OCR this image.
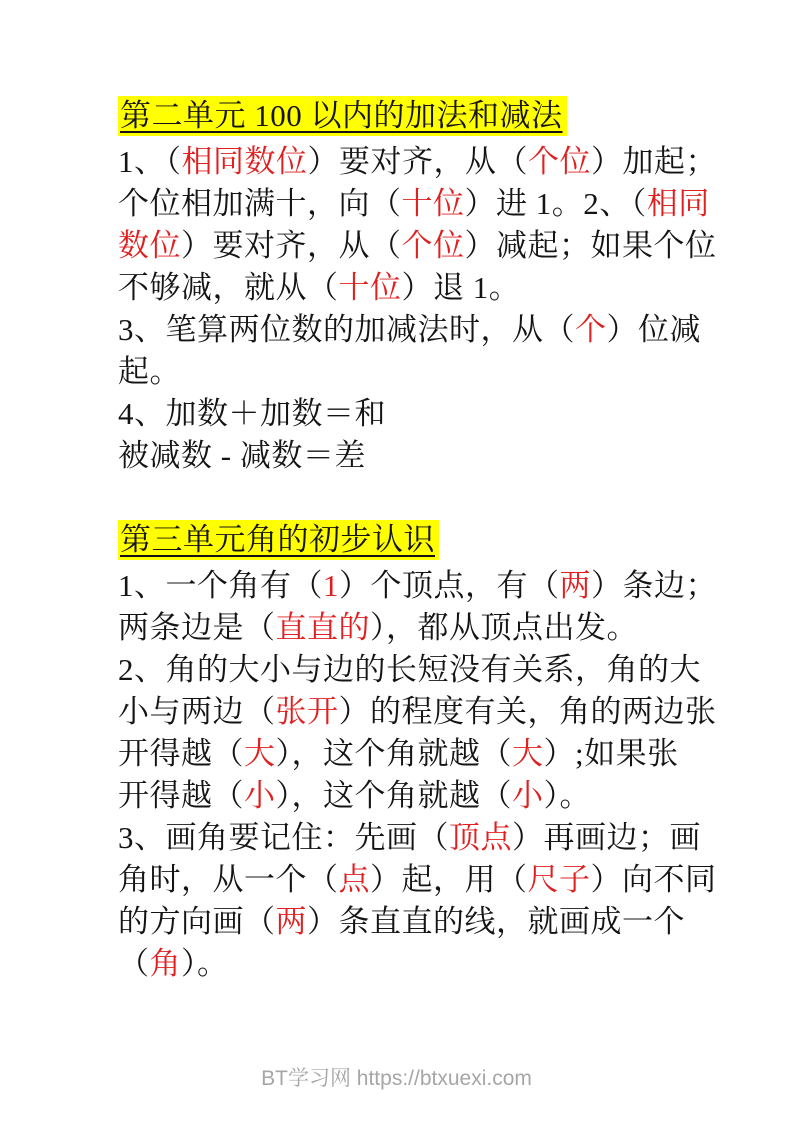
第二单元 100 以内的加法和减法
1、（相同数位）要对齐，从（个位）加起；
个位相加满十，向（十位）进 1。2、（相同
数位）要对齐，从（个位）减起；如果个位
不够减，就从（十位）退 1。
3、笔算两位数的加减法时，从（个）位减
起。
4、加数＋加数＝和
被减数 - 减数＝差
第三单元角的初步认识
1、一个角有（1）个顶点，有（两）条边；
两条边是（直直的），都从顶点出发。
2、角的大小与边的长短没有关系，角的大
小与两边（张开）的程度有关，角的两边张
开得越（大），这个角就越（大）;如果张
开得越（小），这个角就越（小）。
3、画角要记住：先画（顶点）再画边；画
角时，从一个（点）起，用（尺子）向不同
的方向画（两）条直直的线，就画成一个
（角）。
BT学习网 https://btxuexi.com
